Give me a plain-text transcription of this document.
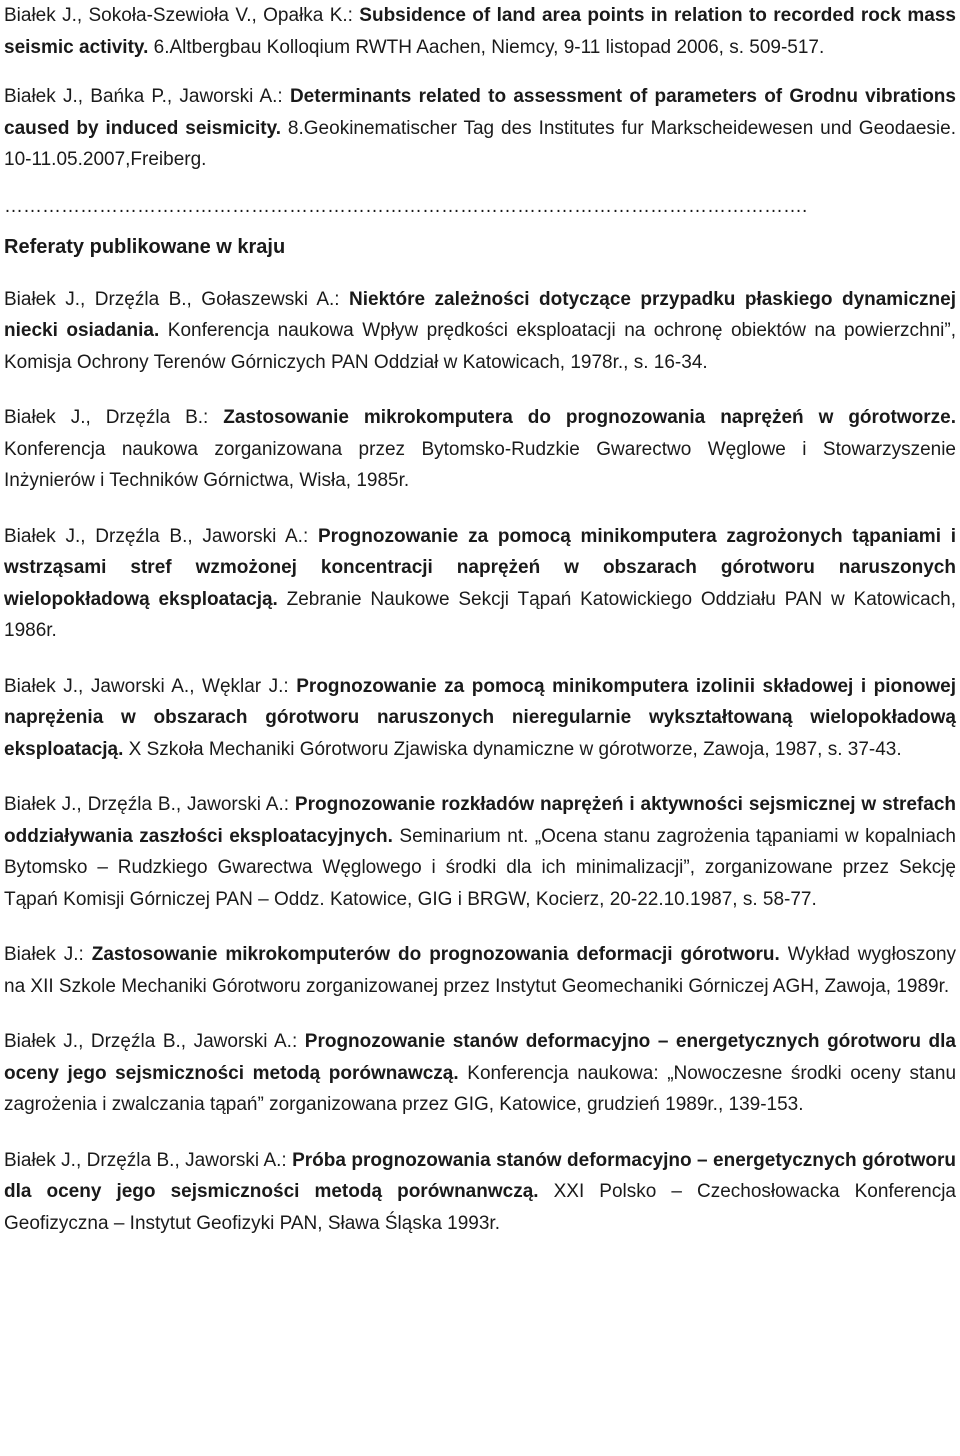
Białek J., Sokoła-Szewioła V., Opałka K.: Subsidence of land area points in relation to recorded rock mass seismic activity. 6.Altbergbau Kolloqium RWTH Aachen, Niemcy, 9-11 listopad 2006, s. 509-517.

Białek J., Bańka P., Jaworski A.: Determinants related to assessment of parameters of Grodnu vibrations caused by induced seismicity. 8.Geokinematischer Tag des Institutes fur Markscheidewesen und Geodaesie. 10-11.05.2007,Freiberg.

……………………………………………………………………………………………………………….
Referaty publikowane w kraju

Białek J., Drzęźla B., Gołaszewski A.: Niektóre zależności dotyczące przypadku płaskiego dynamicznej niecki osiadania. Konferencja naukowa Wpływ prędkości eksploatacji na ochronę obiektów na powierzchni”, Komisja Ochrony Terenów Górniczych PAN Oddział w Katowicach, 1978r., s. 16-34.

Białek J., Drzęźla B.: Zastosowanie mikrokomputera do prognozowania naprężeń w górotworze. Konferencja naukowa zorganizowana przez Bytomsko-Rudzkie Gwarectwo Węglowe i Stowarzyszenie Inżynierów i Techników Górnictwa, Wisła, 1985r.

Białek J., Drzęźla B., Jaworski A.: Prognozowanie za pomocą minikomputera zagrożonych tąpaniami i wstrząsami stref wzmożonej koncentracji naprężeń w obszarach górotworu naruszonych wielopokładową eksploatacją. Zebranie Naukowe Sekcji Tąpań Katowickiego Oddziału PAN w Katowicach, 1986r.

Białek J., Jaworski A., Węklar J.: Prognozowanie za pomocą minikomputera izolinii składowej i pionowej naprężenia w obszarach górotworu naruszonych nieregularnie wykształtowaną wielopokładową eksploatacją. X Szkoła Mechaniki Górotworu Zjawiska dynamiczne w górotworze, Zawoja, 1987, s. 37-43.

Białek J., Drzęźla B., Jaworski A.: Prognozowanie rozkładów naprężeń i aktywności sejsmicznej w strefach oddziaływania zaszłości eksploatacyjnych. Seminarium nt. „Ocena stanu zagrożenia tąpaniami w kopalniach Bytomsko – Rudzkiego Gwarectwa Węglowego i środki dla ich minimalizacji”, zorganizowane przez Sekcję Tąpań Komisji Górniczej PAN – Oddz. Katowice, GIG i BRGW, Kocierz, 20-22.10.1987, s. 58-77.

Białek J.: Zastosowanie mikrokomputerów do prognozowania deformacji górotworu. Wykład wygłoszony na XII Szkole Mechaniki Górotworu zorganizowanej przez Instytut Geomechaniki Górniczej AGH, Zawoja, 1989r.

Białek J., Drzęźla B., Jaworski A.: Prognozowanie stanów deformacyjno – energetycznych górotworu dla oceny jego sejsmiczności metodą porównawczą. Konferencja naukowa: „Nowoczesne środki oceny stanu zagrożenia i zwalczania tąpań” zorganizowana przez GIG, Katowice, grudzień 1989r., 139-153.

Białek J., Drzęźla B., Jaworski A.: Próba prognozowania stanów deformacyjno – energetycznych górotworu dla oceny jego sejsmiczności metodą porównanwczą. XXI Polsko – Czechosłowacka Konferencja Geofizyczna – Instytut Geofizyki PAN, Sława Śląska 1993r.
